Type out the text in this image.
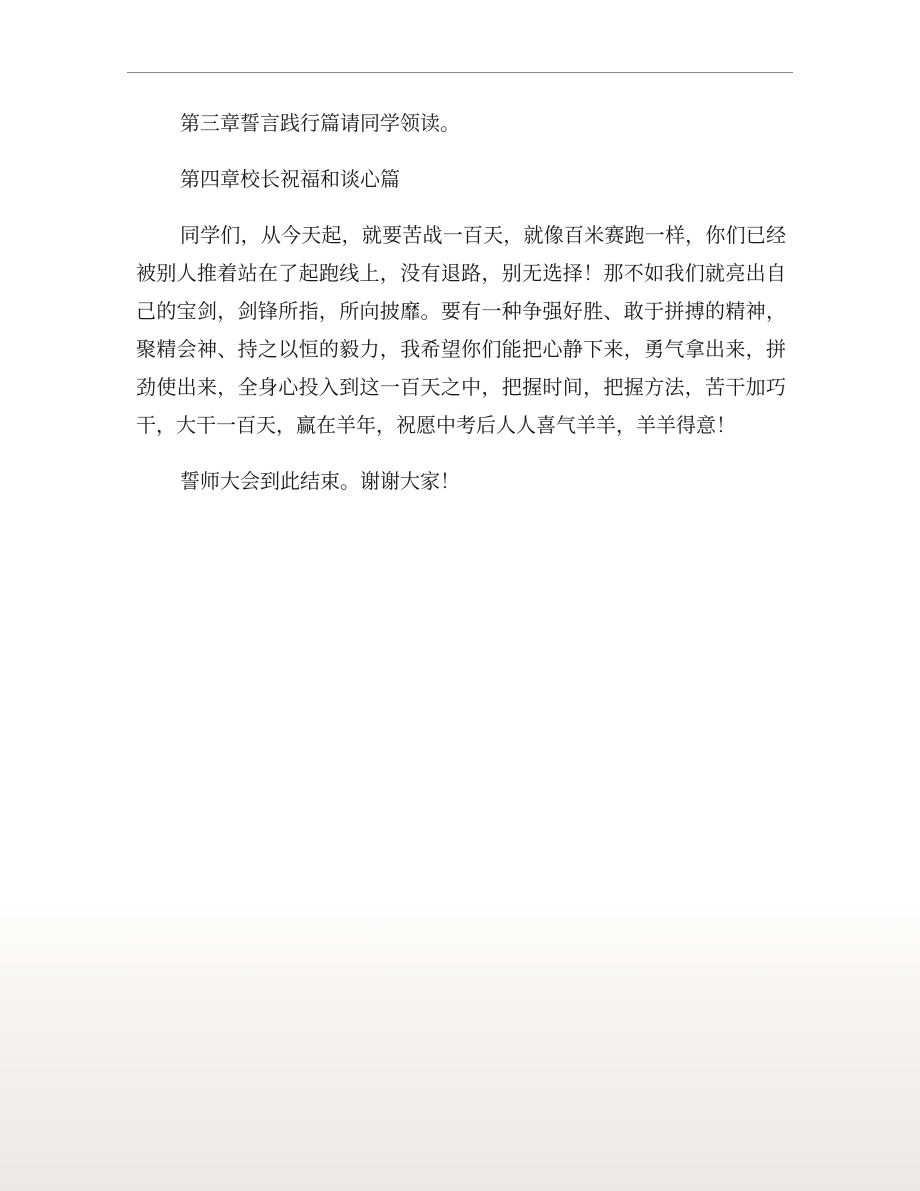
第三章誓言践行篇请同学领读。

第四章校长祝福和谈心篇

同学们，从今天起，就要苦战一百天，就像百米赛跑一样，你们已经被别人推着站在了起跑线上，没有退路，别无选择！那不如我们就亮出自己的宝剑，剑锋所指，所向披靡。要有一种争强好胜、敢于拼搏的精神，聚精会神、持之以恒的毅力，我希望你们能把心静下来，勇气拿出来，拼劲使出来，全身心投入到这一百天之中，把握时间，把握方法，苦干加巧干，大干一百天，赢在羊年，祝愿中考后人人喜气羊羊，羊羊得意！

誓师大会到此结束。谢谢大家！
